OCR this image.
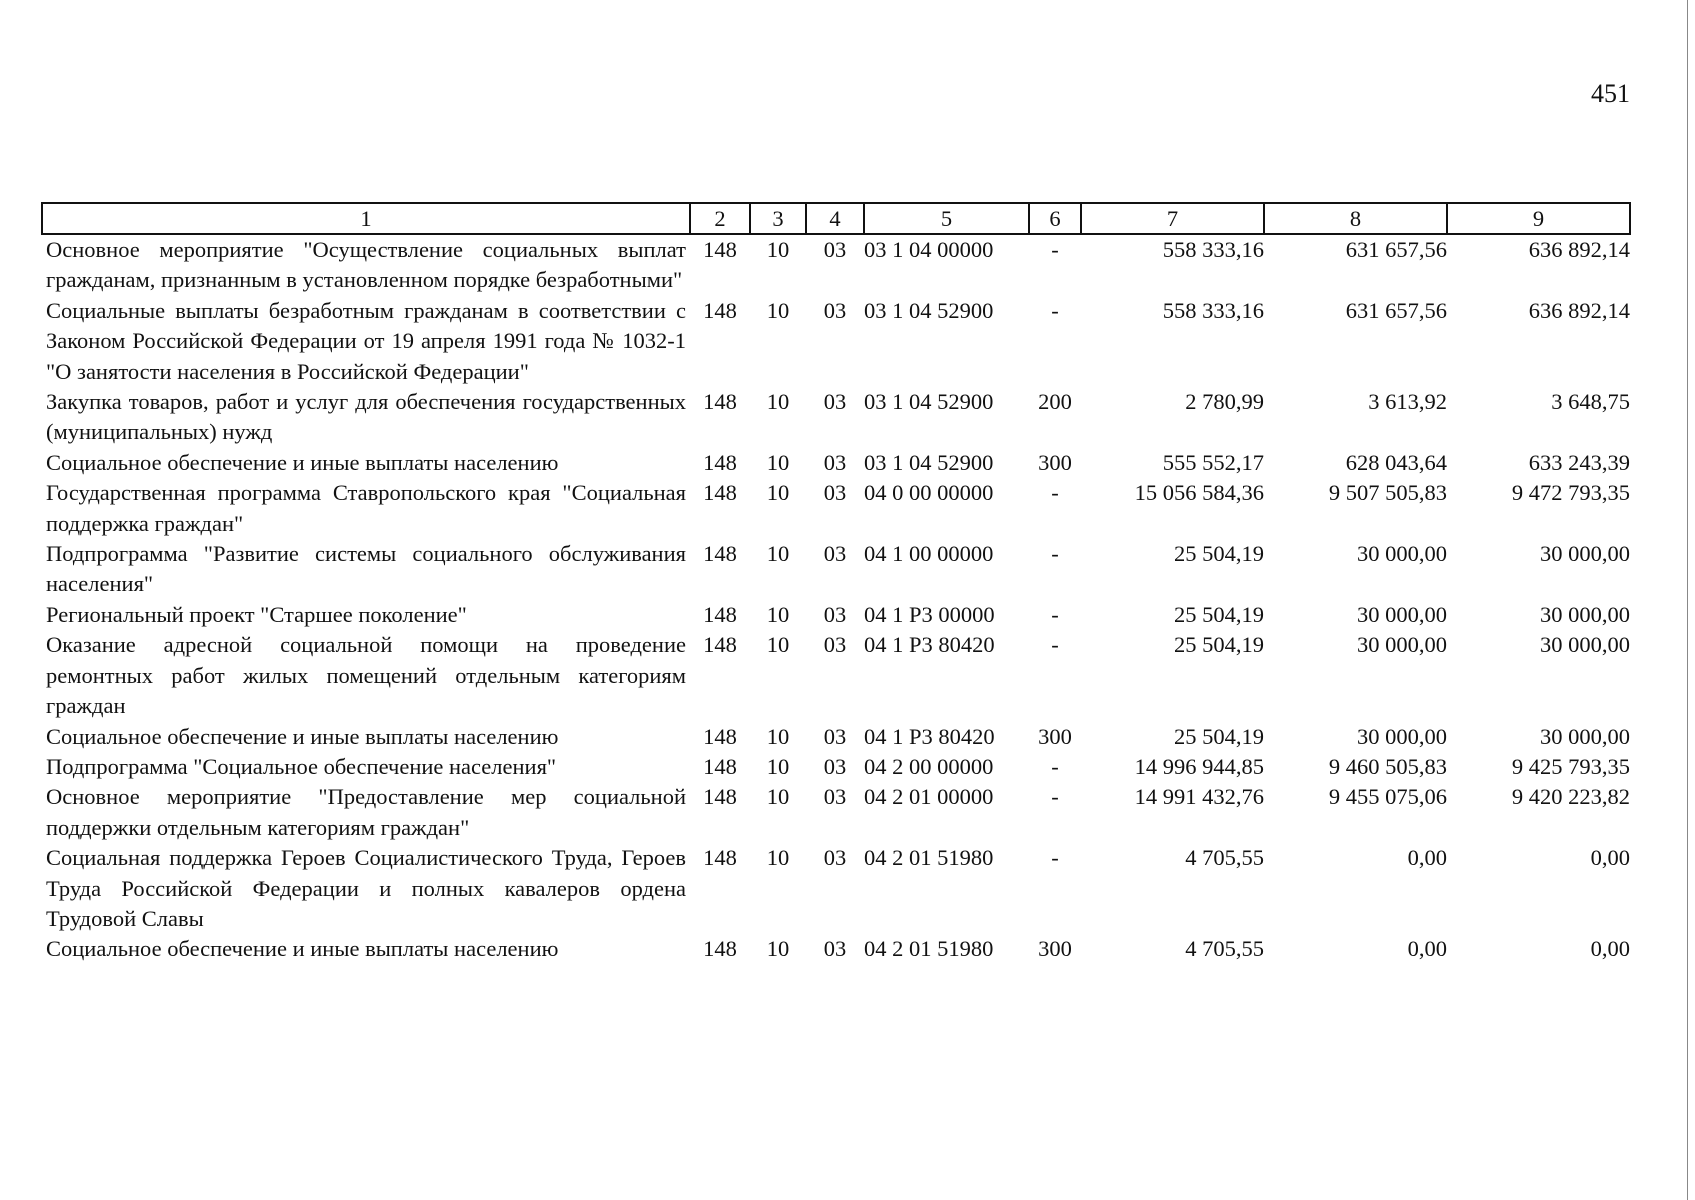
451
1	2	3	4	5	6	7	8	9
Основное мероприятие "Осуществление социальных выплат гражданам, признанным в установленном порядке безработными"	148	10	03	03 1 04 00000	-	558 333,16	631 657,56	636 892,14
Социальные выплаты безработным гражданам в соответствии с Законом Российской Федерации от 19 апреля 1991 года № 1032-1 "О занятости населения в Российской Федерации"	148	10	03	03 1 04 52900	-	558 333,16	631 657,56	636 892,14
Закупка товаров, работ и услуг для обеспечения государственных (муниципальных) нужд	148	10	03	03 1 04 52900	200	2 780,99	3 613,92	3 648,75
Социальное обеспечение и иные выплаты населению	148	10	03	03 1 04 52900	300	555 552,17	628 043,64	633 243,39
Государственная программа Ставропольского края "Социальная поддержка граждан"	148	10	03	04 0 00 00000	-	15 056 584,36	9 507 505,83	9 472 793,35
Подпрограмма "Развитие системы социального обслуживания населения"	148	10	03	04 1 00 00000	-	25 504,19	30 000,00	30 000,00
Региональный проект "Старшее поколение"	148	10	03	04 1 P3 00000	-	25 504,19	30 000,00	30 000,00
Оказание адресной социальной помощи на проведение ремонтных работ жилых помещений отдельным категориям граждан	148	10	03	04 1 P3 80420	-	25 504,19	30 000,00	30 000,00
Социальное обеспечение и иные выплаты населению	148	10	03	04 1 P3 80420	300	25 504,19	30 000,00	30 000,00
Подпрограмма "Социальное обеспечение населения"	148	10	03	04 2 00 00000	-	14 996 944,85	9 460 505,83	9 425 793,35
Основное мероприятие "Предоставление мер социальной поддержки отдельным категориям граждан"	148	10	03	04 2 01 00000	-	14 991 432,76	9 455 075,06	9 420 223,82
Социальная поддержка Героев Социалистического Труда, Героев Труда Российской Федерации и полных кавалеров ордена Трудовой Славы	148	10	03	04 2 01 51980	-	4 705,55	0,00	0,00
Социальное обеспечение и иные выплаты населению	148	10	03	04 2 01 51980	300	4 705,55	0,00	0,00
